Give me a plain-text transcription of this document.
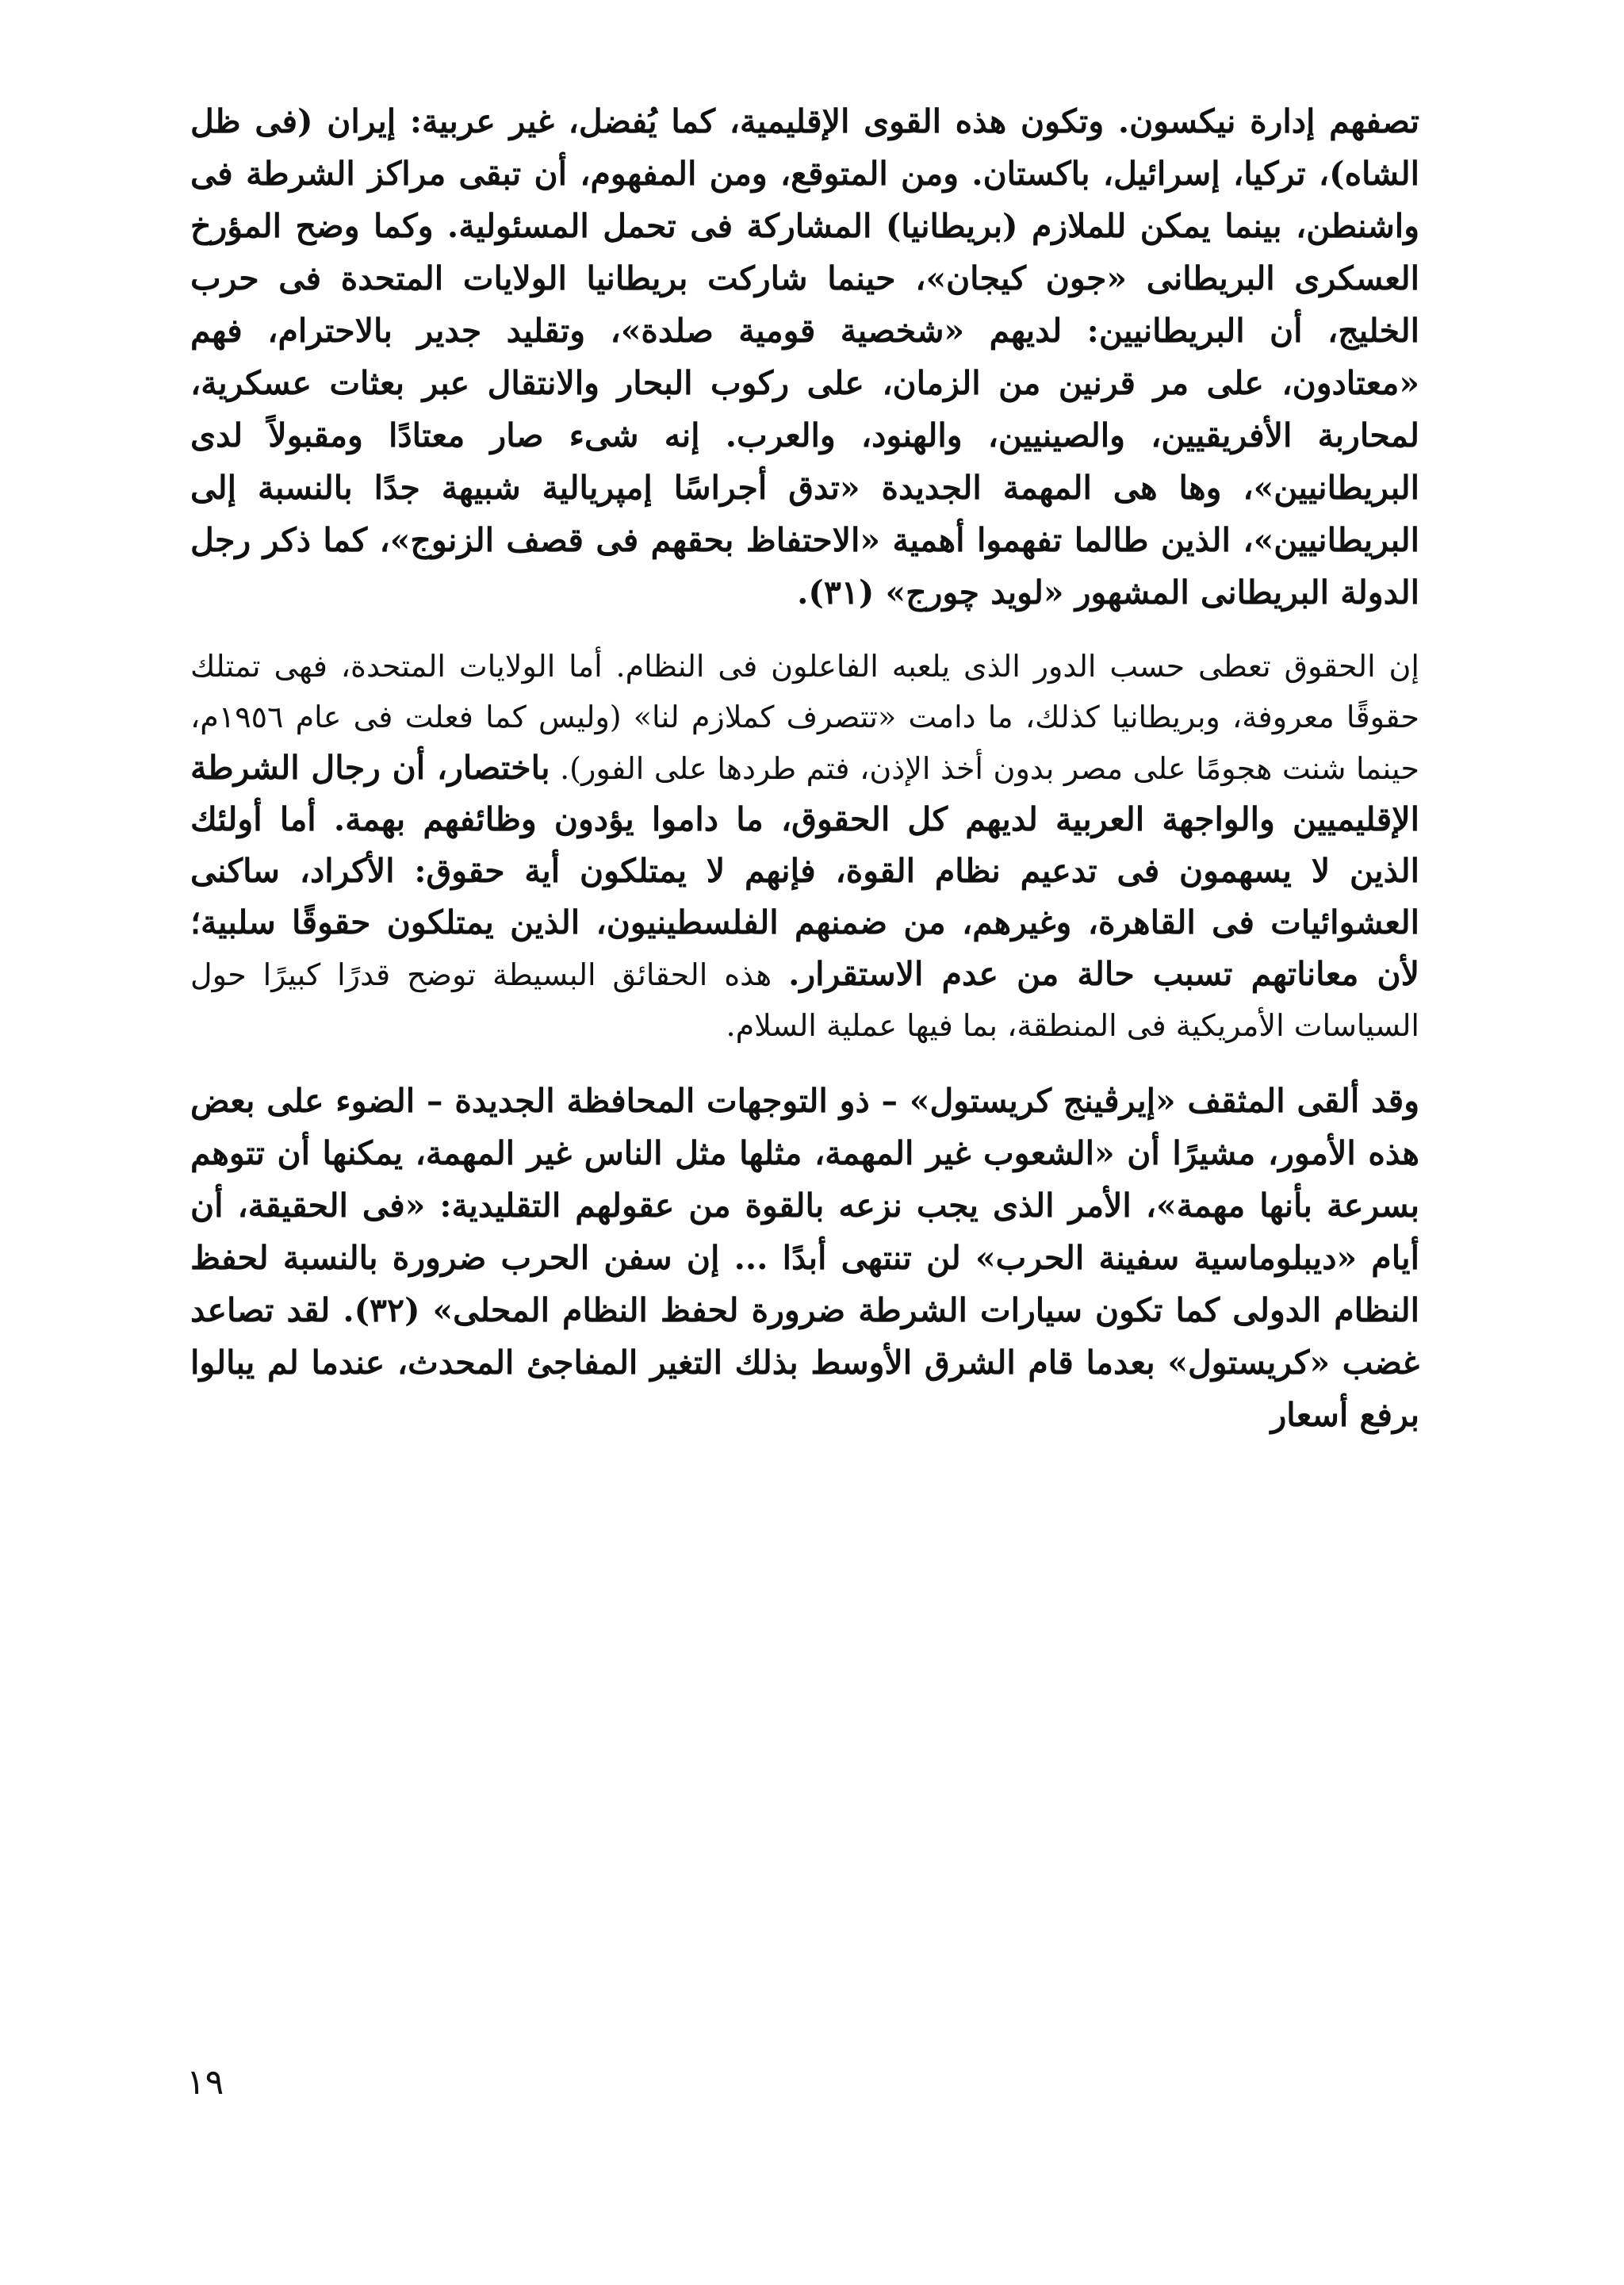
تصفهم إدارة نيكسون. وتكون هذه القوى الإقليمية، كما يُفضل، غير عربية: إيران (فى ظل الشاه)، تركيا، إسرائيل، باكستان. ومن المتوقع، ومن المفهوم، أن تبقى مراكز الشرطة فى واشنطن، بينما يمكن للملازم (بريطانيا) المشاركة فى تحمل المسئولية. وكما وضح المؤرخ العسكرى البريطانى «جون كيجان»، حينما شاركت بريطانيا الولايات المتحدة فى حرب الخليج، أن البريطانيين: لديهم «شخصية قومية صلدة»، وتقليد جدير بالاحترام، فهم «معتادون، على مر قرنين من الزمان، على ركوب البحار والانتقال عبر بعثات عسكرية، لمحاربة الأفريقيين، والصينيين، والهنود، والعرب. إنه شىء صار معتادًا ومقبولاً لدى البريطانيين»، وها هى المهمة الجديدة «تدق أجراسًا إمپريالية شبيهة جدًا بالنسبة إلى البريطانيين»، الذين طالما تفهموا أهمية «الاحتفاظ بحقهم فى قصف الزنوج»، كما ذكر رجل الدولة البريطانى المشهور «لويد چورج» (٣١).

إن الحقوق تعطى حسب الدور الذى يلعبه الفاعلون فى النظام. أما الولايات المتحدة، فهى تمتلك حقوقًا معروفة، وبريطانيا كذلك، ما دامت «تتصرف كملازم لنا» (وليس كما فعلت فى عام ١٩٥٦م، حينما شنت هجومًا على مصر بدون أخذ الإذن، فتم طردها على الفور). باختصار، أن رجال الشرطة الإقليميين والواجهة العربية لديهم كل الحقوق، ما داموا يؤدون وظائفهم بهمة. أما أولئك الذين لا يسهمون فى تدعيم نظام القوة، فإنهم لا يمتلكون أية حقوق: الأكراد، ساكنى العشوائيات فى القاهرة، وغيرهم، من ضمنهم الفلسطينيون، الذين يمتلكون حقوقًا سلبية؛ لأن معاناتهم تسبب حالة من عدم الاستقرار. هذه الحقائق البسيطة توضح قدرًا كبيرًا حول السياسات الأمريكية فى المنطقة، بما فيها عملية السلام.

وقد ألقى المثقف «إيرڤينج كريستول» – ذو التوجهات المحافظة الجديدة – الضوء على بعض هذه الأمور، مشيرًا أن «الشعوب غير المهمة، مثلها مثل الناس غير المهمة، يمكنها أن تتوهم بسرعة بأنها مهمة»، الأمر الذى يجب نزعه بالقوة من عقولهم التقليدية: «فى الحقيقة، أن أيام «ديبلوماسية سفينة الحرب» لن تنتهى أبدًا ... إن سفن الحرب ضرورة بالنسبة لحفظ النظام الدولى كما تكون سيارات الشرطة ضرورة لحفظ النظام المحلى» (٣٢). لقد تصاعد غضب «كريستول» بعدما قام الشرق الأوسط بذلك التغير المفاجئ المحدث، عندما لم يبالوا برفع أسعار

١٩
